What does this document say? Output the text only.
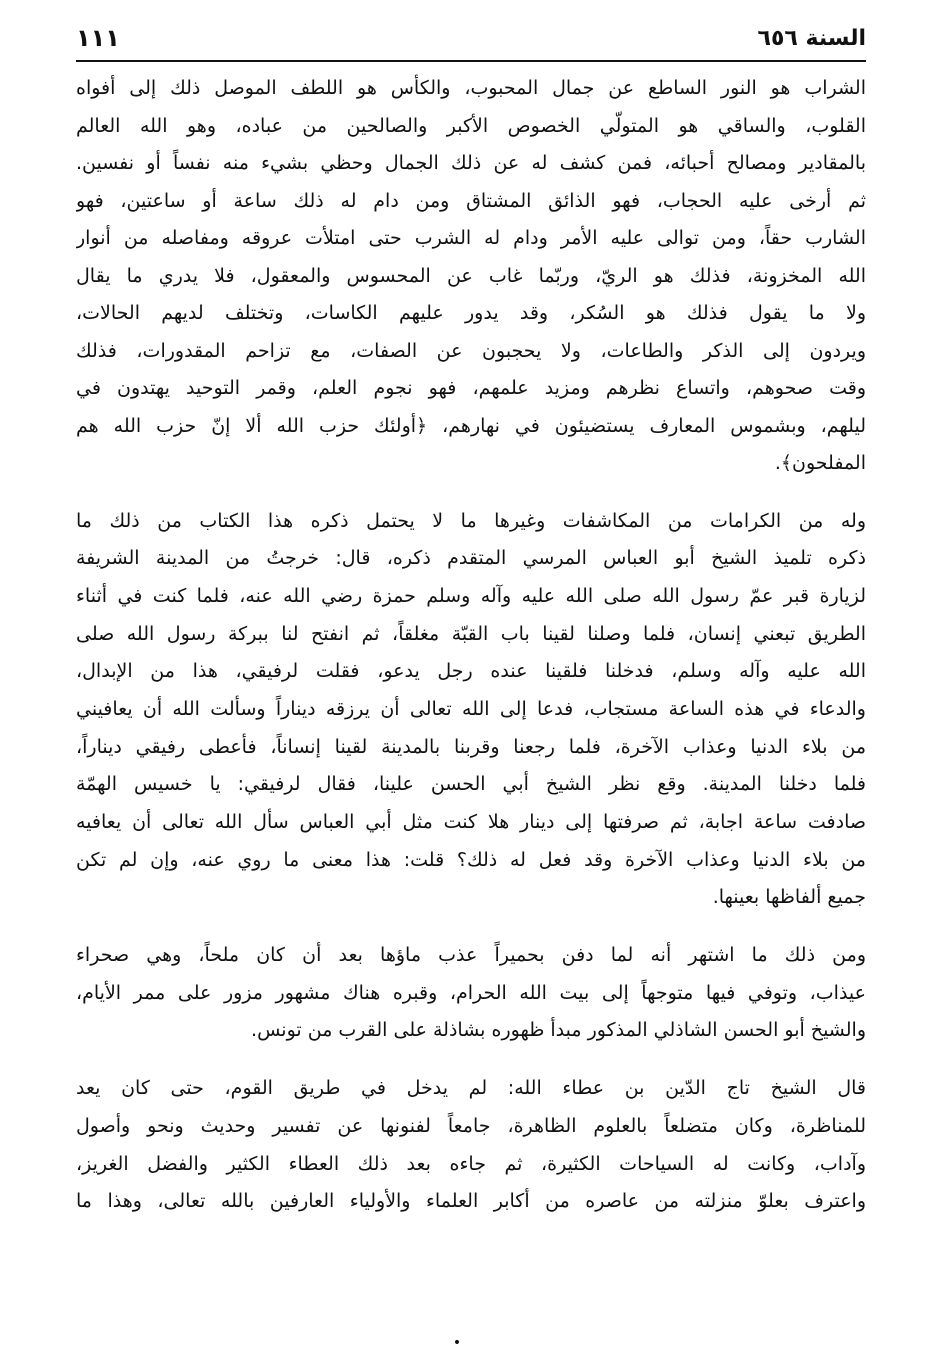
السنة ٦٥٦
١١١
الشراب هو النور الساطع عن جمال المحبوب، والكأس هو اللطف الموصل ذلك إلى أفواه
القلوب، والساقي هو المتولّي الخصوص الأكبر والصالحين من عباده، وهو الله العالم
بالمقادير ومصالح أحبائه، فمن كشف له عن ذلك الجمال وحظي بشيء منه نفساً أو نفسين.
ثم أرخى عليه الحجاب، فهو الذائق المشتاق ومن دام له ذلك ساعة أو ساعتين، فهو
الشارب حقاً، ومن توالى عليه الأمر ودام له الشرب حتى امتلأت عروقه ومفاصله من أنوار
الله المخزونة، فذلك هو الريّ، وربّما غاب عن المحسوس والمعقول، فلا يدري ما يقال
ولا ما يقول فذلك هو السُكر، وقد يدور عليهم الكاسات، وتختلف لديهم الحالات،
ويردون إلى الذكر والطاعات، ولا يحجبون عن الصفات، مع تزاحم المقدورات، فذلك
وقت صحوهم، واتساع نظرهم ومزيد علمهم، فهو نجوم العلم، وقمر التوحيد يهتدون في
ليلهم، وبشموس المعارف يستضيئون في نهارهم، ﴿أولئك حزب الله ألا إنّ حزب الله هم
المفلحون﴾.
وله من الكرامات من المكاشفات وغيرها ما لا يحتمل ذكره هذا الكتاب من ذلك ما
ذكره تلميذ الشيخ أبو العباس المرسي المتقدم ذكره، قال: خرجتُ من المدينة الشريفة
لزيارة قبر عمّ رسول الله صلى الله عليه وآله وسلم حمزة رضي الله عنه، فلما كنت في أثناء
الطريق تبعني إنسان، فلما وصلنا لقينا باب القبّة مغلقاً، ثم انفتح لنا ببركة رسول الله صلى
الله عليه وآله وسلم، فدخلنا فلقينا عنده رجل يدعو، فقلت لرفيقي، هذا من الإبدال،
والدعاء في هذه الساعة مستجاب، فدعا إلى الله تعالى أن يرزقه ديناراً وسألت الله أن يعافيني
من بلاء الدنيا وعذاب الآخرة، فلما رجعنا وقربنا بالمدينة لقينا إنساناً، فأعطى رفيقي ديناراً،
فلما دخلنا المدينة. وقع نظر الشيخ أبي الحسن علينا، فقال لرفيقي: يا خسيس الهمّة
صادفت ساعة اجابة، ثم صرفتها إلى دينار هلا كنت مثل أبي العباس سأل الله تعالى أن يعافيه
من بلاء الدنيا وعذاب الآخرة وقد فعل له ذلك؟ قلت: هذا معنى ما روي عنه، وإن لم تكن
جميع ألفاظها بعينها.
ومن ذلك ما اشتهر أنه لما دفن بحميراً عذب ماؤها بعد أن كان ملحاً، وهي صحراء
عيذاب، وتوفي فيها متوجهاً إلى بيت الله الحرام، وقبره هناك مشهور مزور على ممر الأيام،
والشيخ أبو الحسن الشاذلي المذكور مبدأ ظهوره بشاذلة على القرب من تونس.
قال الشيخ تاج الدّين بن عطاء الله: لم يدخل في طريق القوم، حتى كان يعد
للمناظرة، وكان متضلعاً بالعلوم الظاهرة، جامعاً لفنونها عن تفسير وحديث ونحو وأصول
وآداب، وكانت له السياحات الكثيرة، ثم جاءه بعد ذلك العطاء الكثير والفضل الغريز،
واعترف بعلوّ منزلته من عاصره من أكابر العلماء والأولياء العارفين بالله تعالى، وهذا ما
•
